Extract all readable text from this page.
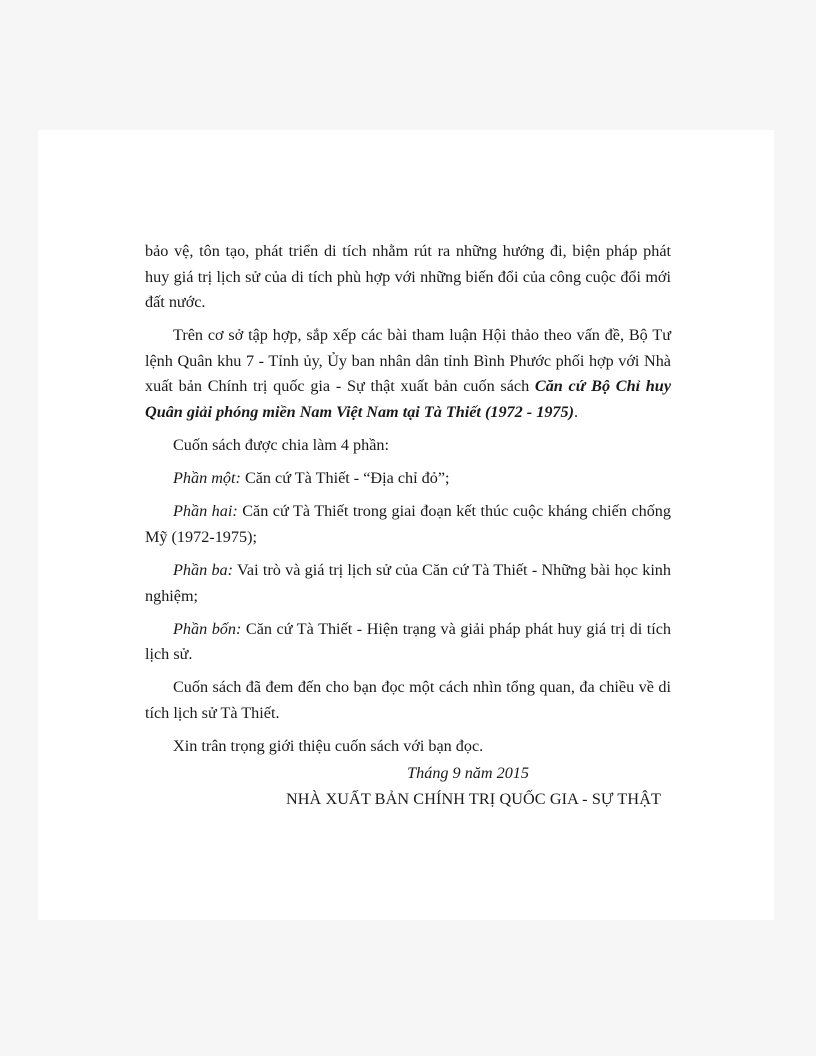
bảo vệ, tôn tạo, phát triển di tích nhằm rút ra những hướng đi, biện pháp phát huy giá trị lịch sử của di tích phù hợp với những biến đổi của công cuộc đổi mới đất nước.

Trên cơ sở tập hợp, sắp xếp các bài tham luận Hội thảo theo vấn đề, Bộ Tư lệnh Quân khu 7 - Tỉnh ủy, Ủy ban nhân dân tỉnh Bình Phước phối hợp với Nhà xuất bản Chính trị quốc gia - Sự thật xuất bản cuốn sách Căn cứ Bộ Chỉ huy Quân giải phóng miền Nam Việt Nam tại Tà Thiết (1972 - 1975).

Cuốn sách được chia làm 4 phần:

Phần một: Căn cứ Tà Thiết - “Địa chỉ đỏ”;

Phần hai: Căn cứ Tà Thiết trong giai đoạn kết thúc cuộc kháng chiến chống Mỹ (1972-1975);

Phần ba: Vai trò và giá trị lịch sử của Căn cứ Tà Thiết - Những bài học kinh nghiệm;

Phần bốn: Căn cứ Tà Thiết - Hiện trạng và giải pháp phát huy giá trị di tích lịch sử.

Cuốn sách đã đem đến cho bạn đọc một cách nhìn tổng quan, đa chiều về di tích lịch sử Tà Thiết.

Xin trân trọng giới thiệu cuốn sách với bạn đọc.

Tháng 9 năm 2015
NHÀ XUẤT BẢN CHÍNH TRỊ QUỐC GIA - SỰ THẬT
